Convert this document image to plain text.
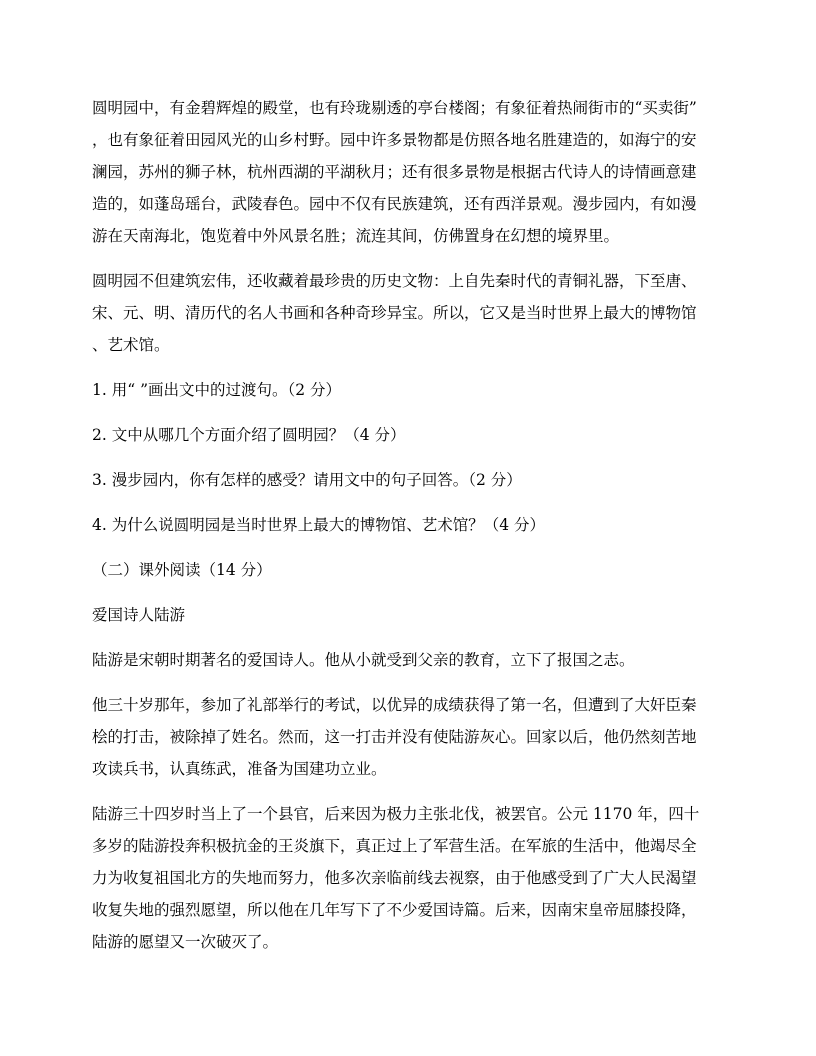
圆明园中，有金碧辉煌的殿堂，也有玲珑剔透的亭台楼阁；有象征着热闹街市的“买卖街”
，也有象征着田园风光的山乡村野。园中许多景物都是仿照各地名胜建造的，如海宁的安
澜园，苏州的狮子林，杭州西湖的平湖秋月；还有很多景物是根据古代诗人的诗情画意建
造的，如蓬岛瑶台，武陵春色。园中不仅有民族建筑，还有西洋景观。漫步园内，有如漫
游在天南海北，饱览着中外风景名胜；流连其间，仿佛置身在幻想的境界里。

圆明园不但建筑宏伟，还收藏着最珍贵的历史文物：上自先秦时代的青铜礼器，下至唐、
宋、元、明、清历代的名人书画和各种奇珍异宝。所以，它又是当时世界上最大的博物馆
、艺术馆。

1. 用“ ”画出文中的过渡句。（2 分）

2. 文中从哪几个方面介绍了圆明园？（4 分）

3. 漫步园内，你有怎样的感受？请用文中的句子回答。（2 分）

4. 为什么说圆明园是当时世界上最大的博物馆、艺术馆？（4 分）

（二）课外阅读（14 分）

爱国诗人陆游

陆游是宋朝时期著名的爱国诗人。他从小就受到父亲的教育，立下了报国之志。

他三十岁那年，参加了礼部举行的考试，以优异的成绩获得了第一名，但遭到了大奸臣秦
桧的打击，被除掉了姓名。然而，这一打击并没有使陆游灰心。回家以后，他仍然刻苦地
攻读兵书，认真练武，准备为国建功立业。

陆游三十四岁时当上了一个县官，后来因为极力主张北伐，被罢官。公元 1170 年，四十
多岁的陆游投奔积极抗金的王炎旗下，真正过上了军营生活。在军旅的生活中，他竭尽全
力为收复祖国北方的失地而努力，他多次亲临前线去视察，由于他感受到了广大人民渴望
收复失地的强烈愿望，所以他在几年写下了不少爱国诗篇。后来，因南宋皇帝屈膝投降，
陆游的愿望又一次破灭了。
